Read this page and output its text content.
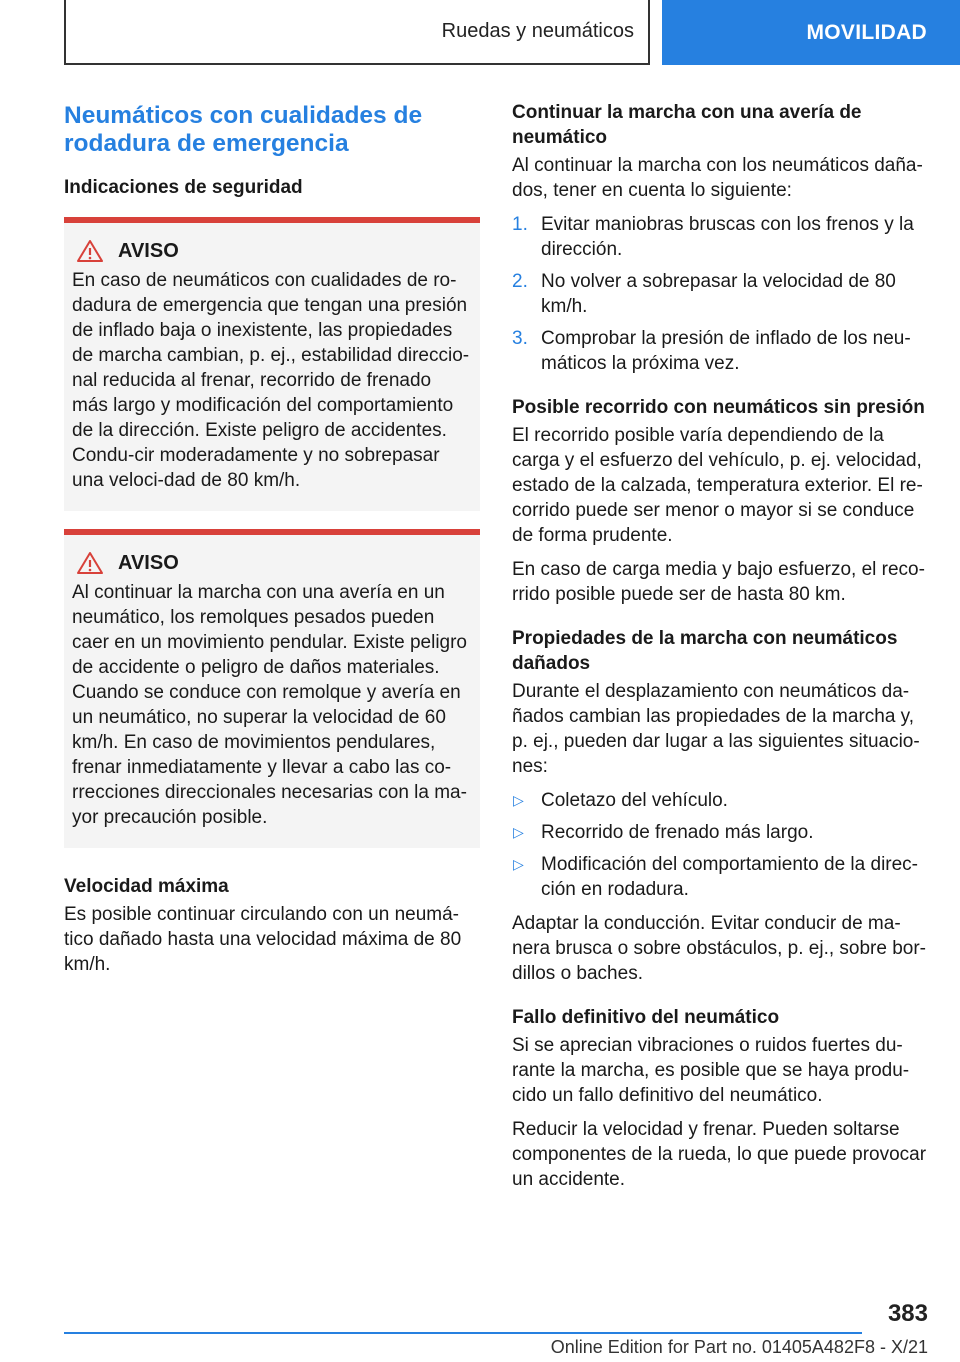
Ruedas y neumáticos	MOVILIDAD
Neumáticos con cualidades de rodadura de emergencia
Indicaciones de seguridad
AVISO
En caso de neumáticos con cualidades de ro-dadura de emergencia que tengan una presión de inflado baja o inexistente, las propiedades de marcha cambian, p. ej., estabilidad direccio-nal reducida al frenar, recorrido de frenado más largo y modificación del comportamiento de la dirección. Existe peligro de accidentes. Condu-cir moderadamente y no sobrepasar una veloci-dad de 80 km/h.
AVISO
Al continuar la marcha con una avería en un neumático, los remolques pesados pueden caer en un movimiento pendular. Existe peligro de accidente o peligro de daños materiales. Cuando se conduce con remolque y avería en un neumático, no superar la velocidad de 60 km/h. En caso de movimientos pendulares, frenar inmediatamente y llevar a cabo las co-rrecciones direccionales necesarias con la ma-yor precaución posible.
Velocidad máxima

Es posible continuar circulando con un neumá-tico dañado hasta una velocidad máxima de 80 km/h.

Continuar la marcha con una avería de neumático

Al continuar la marcha con los neumáticos daña-dos, tener en cuenta lo siguiente:

1. Evitar maniobras bruscas con los frenos y la dirección.
2. No volver a sobrepasar la velocidad de 80 km/h.
3. Comprobar la presión de inflado de los neu-máticos la próxima vez.
Posible recorrido con neumáticos sin presión

El recorrido posible varía dependiendo de la carga y el esfuerzo del vehículo, p. ej. velocidad, estado de la calzada, temperatura exterior. El re-corrido puede ser menor o mayor si se conduce de forma prudente.

En caso de carga media y bajo esfuerzo, el reco-rrido posible puede ser de hasta 80 km.

Propiedades de la marcha con neumáticos dañados

Durante el desplazamiento con neumáticos da-ñados cambian las propiedades de la marcha y, p. ej., pueden dar lugar a las siguientes situacio-nes:

▷ Coletazo del vehículo.
▷ Recorrido de frenado más largo.
▷ Modificación del comportamiento de la direc-ción en rodadura.

Adaptar la conducción. Evitar conducir de ma-nera brusca o sobre obstáculos, p. ej., sobre bor-dillos o baches.

Fallo definitivo del neumático

Si se aprecian vibraciones o ruidos fuertes du-rante la marcha, es posible que se haya produ-cido un fallo definitivo del neumático.

Reducir la velocidad y frenar. Pueden soltarse componentes de la rueda, lo que puede provocar un accidente.

383
Online Edition for Part no. 01405A482F8 - X/21
